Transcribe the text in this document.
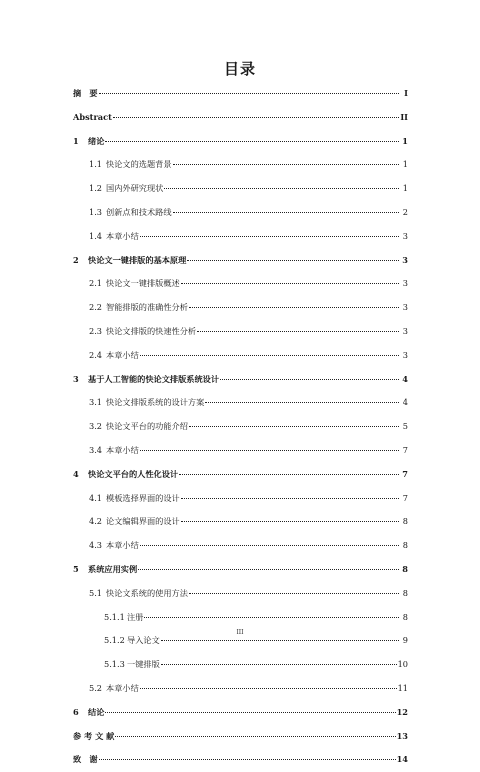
目录
摘　要	I
Abstract	II
1	绪论	1
1.1 快论文的选题背景	1
1.2 国内外研究现状	1
1.3 创新点和技术路线	2
1.4 本章小结	3
2	快论文一键排版的基本原理	3
2.1 快论文一键排版概述	3
2.2 智能排版的准确性分析	3
2.3 快论文排版的快速性分析	3
2.4 本章小结	3
3	基于人工智能的快论文排版系统设计	4
3.1 快论文排版系统的设计方案	4
3.2 快论文平台的功能介绍	5
3.4 本章小结	7
4	快论文平台的人性化设计	7
4.1 模板选择界面的设计	7
4.2 论文编辑界面的设计	8
4.3 本章小结	8
5	系统应用实例	8
5.1 快论文系统的使用方法	8
5.1.1 注册	8
5.1.2 导入论文	9
5.1.3 一键排版	10
5.2 本章小结	11
6	结论	12
参 考 文 献	13
致　谢	14
III
